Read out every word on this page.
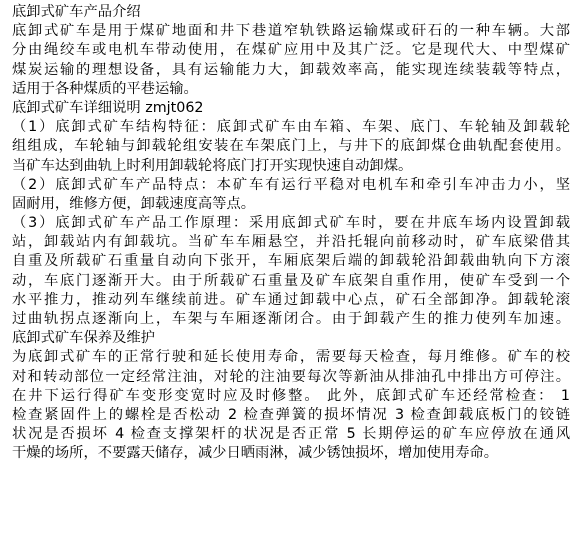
底卸式矿车产品介绍
底卸式矿车是用于煤矿地面和井下巷道窄轨铁路运输煤或矸石的一种车辆。大部
分由绳绞车或电机车带动使用，在煤矿应用中及其广泛。它是现代大、中型煤矿
煤炭运输的理想设备，具有运输能力大，卸载效率高，能实现连续装载等特点，
适用于各种煤质的平巷运输。
底卸式矿车详细说明 zmjt062
（1）底卸式矿车结构特征：底卸式矿车由车箱、车架、底门、车轮轴及卸载轮
组组成，车轮轴与卸载轮组安装在车架底门上，与井下的底卸煤仓曲轨配套使用。
当矿车达到曲轨上时利用卸载轮将底门打开实现快速自动卸煤。
（2）底卸式矿车产品特点：本矿车有运行平稳对电机车和牵引车冲击力小，坚
固耐用，维修方便，卸载速度高等点。
（3）底卸式矿车产品工作原理：采用底卸式矿车时，要在井底车场内设置卸载
站，卸载站内有卸载坑。当矿车车厢悬空，并沿托辊向前移动时，矿车底梁借其
自重及所载矿石重量自动向下张开，车厢底架后端的卸载轮沿卸载曲轨向下方滚
动，车底门逐渐开大。由于所载矿石重量及矿车底架自重作用，使矿车受到一个
水平推力，推动列车继续前进。矿车通过卸载中心点，矿石全部卸净。卸载轮滚
过曲轨拐点逐渐向上，车架与车厢逐渐闭合。由于卸载产生的推力使列车加速。
底卸式矿车保养及维护
为底卸式矿车的正常行驶和延长使用寿命，需要每天检查，每月维修。矿车的校
对和转动部位一定经常注油，对轮的注油要每次等新油从排油孔中排出方可停注。
在井下运行得矿车变形变宽时应及时修整。 此外，底卸式矿车还经常检查： 1
检查紧固件上的螺栓是否松动 2 检查弹簧的损坏情况 3 检查卸载底板门的铰链
状况是否损坏 4 检查支撑架杆的状况是否正常 5 长期停运的矿车应停放在通风
干燥的场所，不要露天储存，减少日晒雨淋，减少锈蚀损坏，增加使用寿命。
